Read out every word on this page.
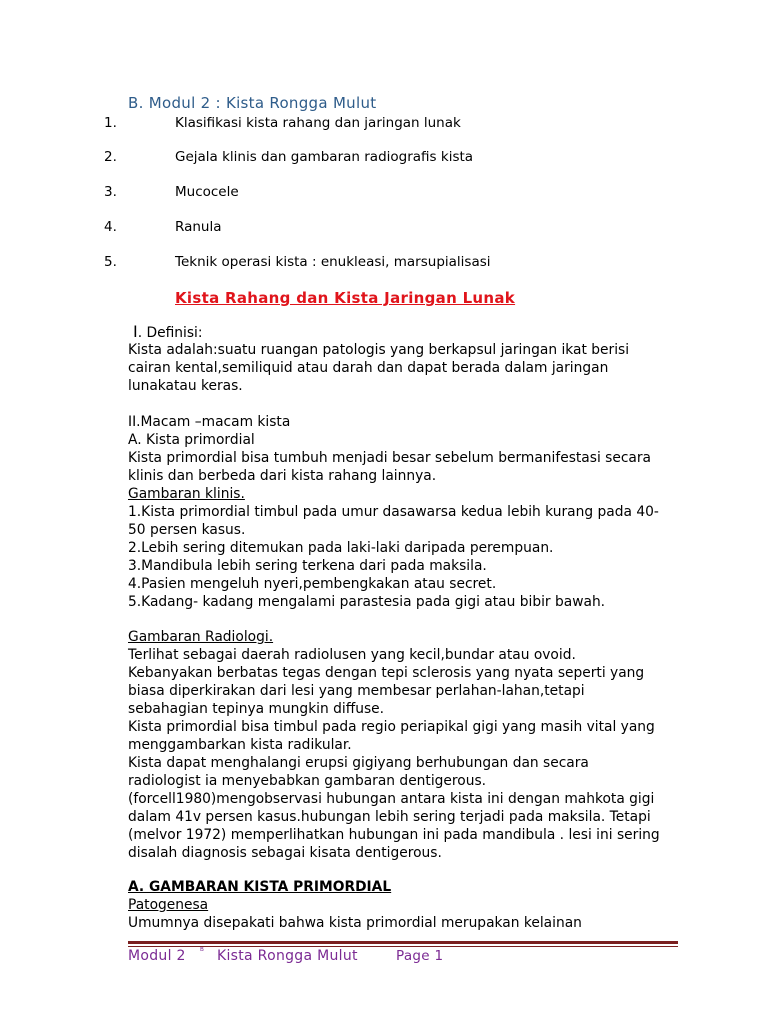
B. Modul 2 : Kista Rongga Mulut
1.	Klasifikasi kista rahang dan jaringan lunak
2.	Gejala klinis dan gambaran radiografis kista
3.	Mucocele
4.	Ranula
5.	Teknik operasi kista : enukleasi, marsupialisasi
Kista Rahang dan Kista Jaringan Lunak
I. Definisi:
Kista adalah:suatu ruangan patologis yang berkapsul jaringan ikat berisi
cairan kental,semiliquid atau darah dan dapat berada dalam jaringan
lunakatau keras.
II.Macam –macam kista
A. Kista primordial
Kista primordial bisa tumbuh menjadi besar sebelum bermanifestasi secara
klinis dan berbeda dari kista rahang lainnya.
Gambaran klinis.
1.Kista primordial timbul pada umur dasawarsa kedua lebih kurang pada 40-
50 persen kasus.
2.Lebih sering ditemukan pada laki-laki daripada perempuan.
3.Mandibula lebih sering terkena dari pada maksila.
4.Pasien mengeluh nyeri,pembengkakan atau secret.
5.Kadang- kadang mengalami parastesia pada gigi atau bibir bawah.
Gambaran Radiologi.
Terlihat sebagai daerah radiolusen yang kecil,bundar atau ovoid.
Kebanyakan berbatas tegas dengan tepi sclerosis yang nyata seperti yang
biasa diperkirakan dari lesi yang membesar perlahan-lahan,tetapi
sebahagian tepinya mungkin diffuse.
Kista primordial bisa timbul pada regio periapikal gigi yang masih vital yang
menggambarkan kista radikular.
Kista dapat menghalangi erupsi gigiyang berhubungan dan secara
radiologist ia menyebabkan gambaran dentigerous.
(forcell1980)mengobservasi hubungan antara kista ini dengan mahkota gigi
dalam 41v persen kasus.hubungan lebih sering terjadi pada maksila. Tetapi
(melvor 1972) memperlihatkan hubungan ini pada mandibula . lesi ini sering
disalah diagnosis sebagai kisata dentigerous.
A. GAMBARAN KISTA PRIMORDIAL
Patogenesa
Umumnya disepakati bahwa kista primordial merupakan kelainan
Modul 2 ᴮ Kista Rongga Mulut	Page 1
